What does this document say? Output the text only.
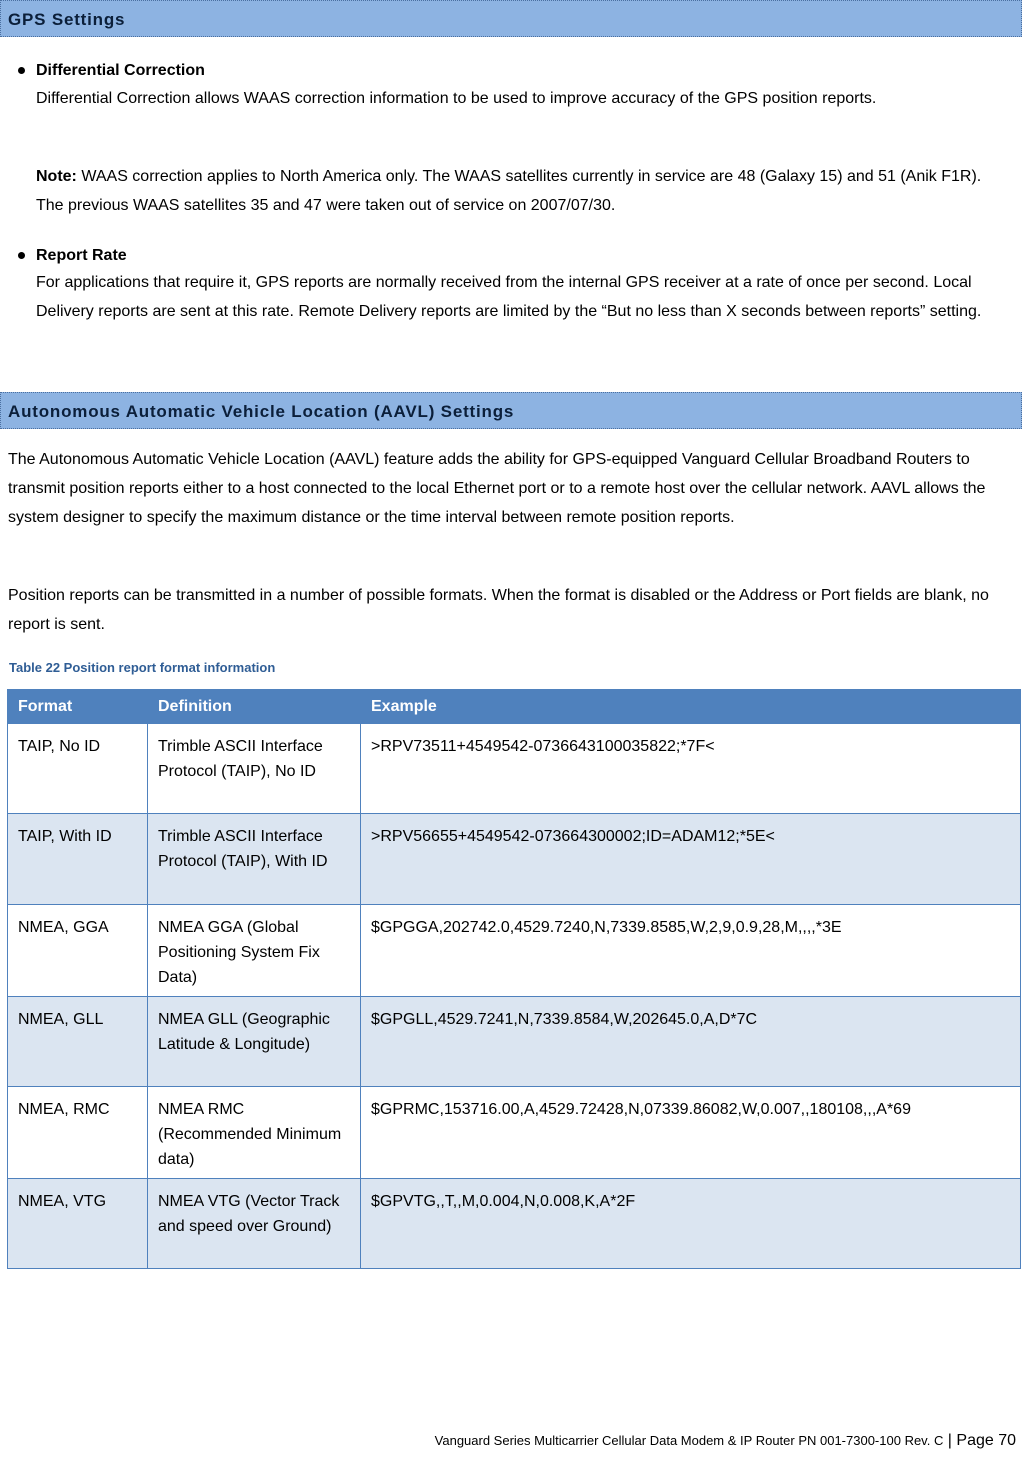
GPS Settings
Differential Correction
Differential Correction allows WAAS correction information to be used to improve accuracy of the GPS position reports.
Note: WAAS correction applies to North America only. The WAAS satellites currently in service are 48 (Galaxy 15) and 51 (Anik F1R). The previous WAAS satellites 35 and 47 were taken out of service on 2007/07/30.
Report Rate
For applications that require it, GPS reports are normally received from the internal GPS receiver at a rate of once per second. Local Delivery reports are sent at this rate. Remote Delivery reports are limited by the “But no less than X seconds between reports” setting.
Autonomous Automatic Vehicle Location (AAVL) Settings
The Autonomous Automatic Vehicle Location (AAVL) feature adds the ability for GPS-equipped Vanguard Cellular Broadband Routers to transmit position reports either to a host connected to the local Ethernet port or to a remote host over the cellular network. AAVL allows the system designer to specify the maximum distance or the time interval between remote position reports.
Position reports can be transmitted in a number of possible formats. When the format is disabled or the Address or Port fields are blank, no report is sent.
Table 22 Position report format information
Format	Definition	Example
TAIP, No ID	Trimble ASCII Interface Protocol (TAIP), No ID	>RPV73511+4549542-0736643100035822;*7F<
TAIP, With ID	Trimble ASCII Interface Protocol (TAIP), With ID	>RPV56655+4549542-073664300002;ID=ADAM12;*5E<
NMEA, GGA	NMEA GGA (Global Positioning System Fix Data)	$GPGGA,202742.0,4529.7240,N,7339.8585,W,2,9,0.9,28,M,,,,*3E
NMEA, GLL	NMEA GLL (Geographic Latitude & Longitude)	$GPGLL,4529.7241,N,7339.8584,W,202645.0,A,D*7C
NMEA, RMC	NMEA RMC (Recommended Minimum data)	$GPRMC,153716.00,A,4529.72428,N,07339.86082,W,0.007,,180108,,,A*69
NMEA, VTG	NMEA VTG (Vector Track and speed over Ground)	$GPVTG,,T,,M,0.004,N,0.008,K,A*2F
Vanguard Series Multicarrier Cellular Data Modem & IP Router PN 001-7300-100 Rev. C | Page 70
